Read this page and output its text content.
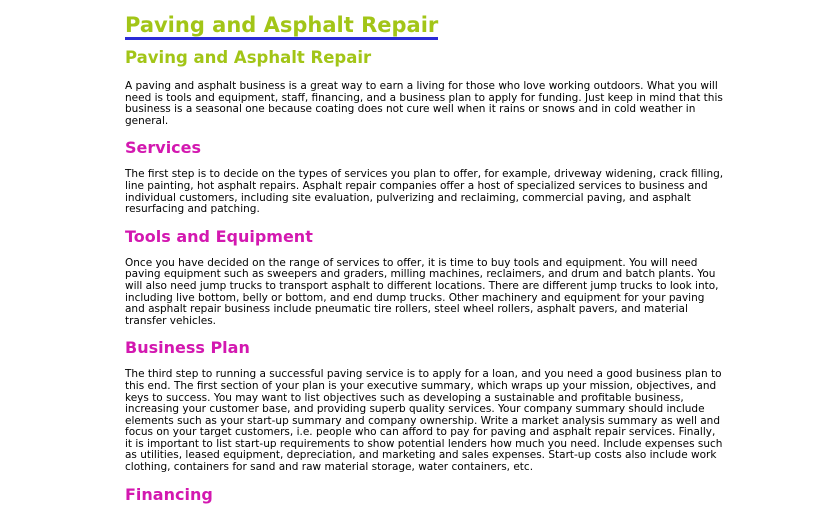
Paving and Asphalt Repair
Paving and Asphalt Repair

A paving and asphalt business is a great way to earn a living for those who love working outdoors. What you will need is tools and equipment, staff, financing, and a business plan to apply for funding. Just keep in mind that this business is a seasonal one because coating does not cure well when it rains or snows and in cold weather in general.

Services

The first step is to decide on the types of services you plan to offer, for example, driveway widening, crack filling, line painting, hot asphalt repairs. Asphalt repair companies offer a host of specialized services to business and individual customers, including site evaluation, pulverizing and reclaiming, commercial paving, and asphalt resurfacing and patching.

Tools and Equipment

Once you have decided on the range of services to offer, it is time to buy tools and equipment. You will need paving equipment such as sweepers and graders, milling machines, reclaimers, and drum and batch plants. You will also need jump trucks to transport asphalt to different locations. There are different jump trucks to look into, including live bottom, belly or bottom, and end dump trucks. Other machinery and equipment for your paving and asphalt repair business include pneumatic tire rollers, steel wheel rollers, asphalt pavers, and material transfer vehicles.

Business Plan

The third step to running a successful paving service is to apply for a loan, and you need a good business plan to this end. The first section of your plan is your executive summary, which wraps up your mission, objectives, and keys to success. You may want to list objectives such as developing a sustainable and profitable business, increasing your customer base, and providing superb quality services. Your company summary should include elements such as your start-up summary and company ownership. Write a market analysis summary as well and focus on your target customers, i.e. people who can afford to pay for paving and asphalt repair services. Finally, it is important to list start-up requirements to show potential lenders how much you need. Include expenses such as utilities, leased equipment, depreciation, and marketing and sales expenses. Start-up costs also include work clothing, containers for sand and raw material storage, water containers, etc.

Financing
